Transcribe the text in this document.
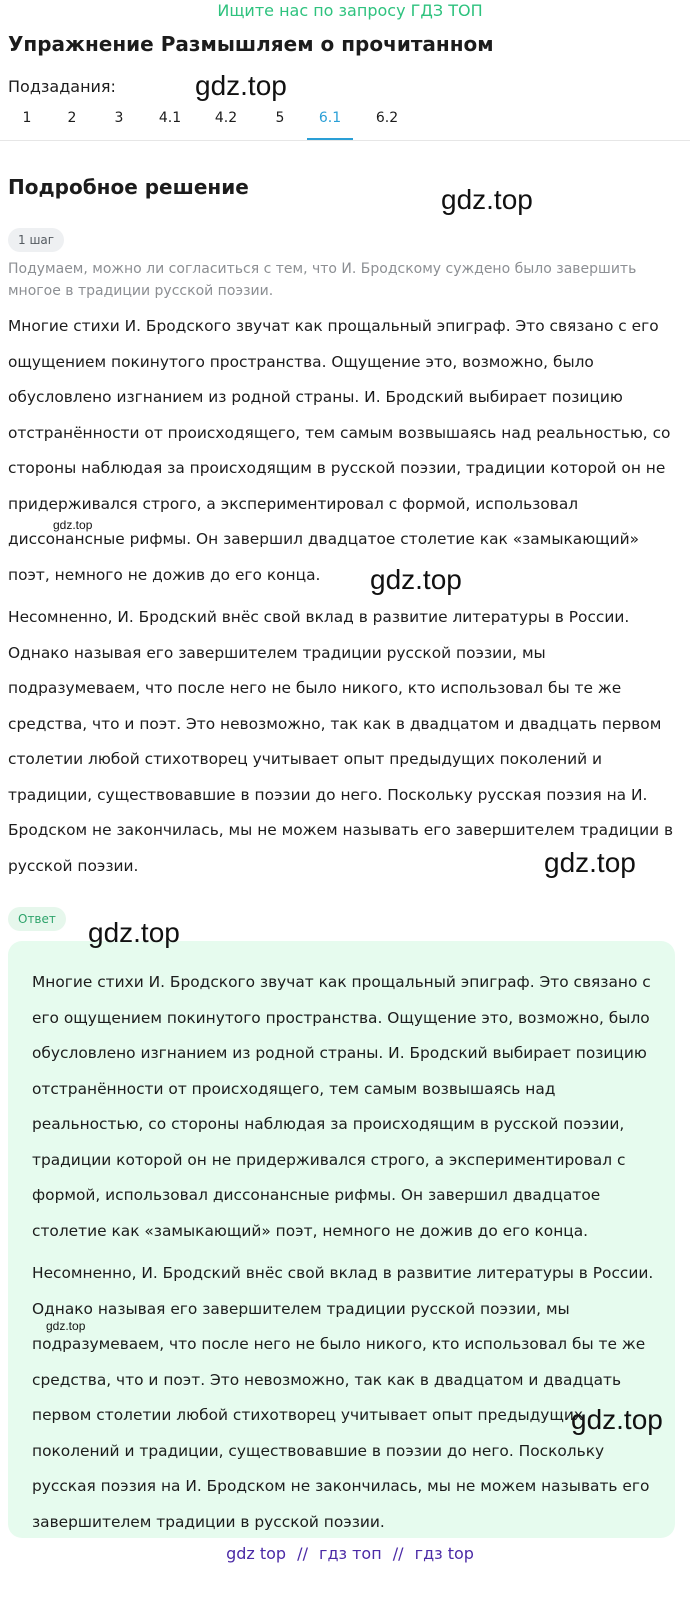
Ищите нас по запросу ГДЗ ТОП
Упражнение Размышляем о прочитанном
Подзадания:
1	2	3	4.1	4.2	5	6.1	6.2
Подробное решение
1 шаг

Подумаем, можно ли согласиться с тем, что И. Бродскому суждено было завершить многое в традиции русской поэзии.

Многие стихи И. Бродского звучат как прощальный эпиграф. Это связано с его ощущением покинутого пространства. Ощущение это, возможно, было обусловлено изгнанием из родной страны. И. Бродский выбирает позицию отстранённости от происходящего, тем самым возвышаясь над реальностью, со стороны наблюдая за происходящим в русской поэзии, традиции которой он не придерживался строго, а экспериментировал с формой, использовал диссонансные рифмы. Он завершил двадцатое столетие как «замыкающий» поэт, немного не дожив до его конца.

Несомненно, И. Бродский внёс свой вклад в развитие литературы в России. Однако называя его завершителем традиции русской поэзии, мы подразумеваем, что после него не было никого, кто использовал бы те же средства, что и поэт. Это невозможно, так как в двадцатом и двадцать первом столетии любой стихотворец учитывает опыт предыдущих поколений и традиции, существовавшие в поэзии до него. Поскольку русская поэзия на И. Бродском не закончилась, мы не можем называть его завершителем традиции в русской поэзии.

Ответ

Многие стихи И. Бродского звучат как прощальный эпиграф. Это связано с его ощущением покинутого пространства. Ощущение это, возможно, было обусловлено изгнанием из родной страны. И. Бродский выбирает позицию отстранённости от происходящего, тем самым возвышаясь над реальностью, со стороны наблюдая за происходящим в русской поэзии, традиции которой он не придерживался строго, а экспериментировал с формой, использовал диссонансные рифмы. Он завершил двадцатое столетие как «замыкающий» поэт, немного не дожив до его конца.

Несомненно, И. Бродский внёс свой вклад в развитие литературы в России. Однако называя его завершителем традиции русской поэзии, мы подразумеваем, что после него не было никого, кто использовал бы те же средства, что и поэт. Это невозможно, так как в двадцатом и двадцать первом столетии любой стихотворец учитывает опыт предыдущих поколений и традиции, существовавшие в поэзии до него. Поскольку русская поэзия на И. Бродском не закончилась, мы не можем называть его завершителем традиции в русской поэзии.

gdz.top
gdz.top
gdz.top
gdz.top
gdz.top
gdz.top
gdz.top
gdz.top
gdz top // гдз топ // гдз top
